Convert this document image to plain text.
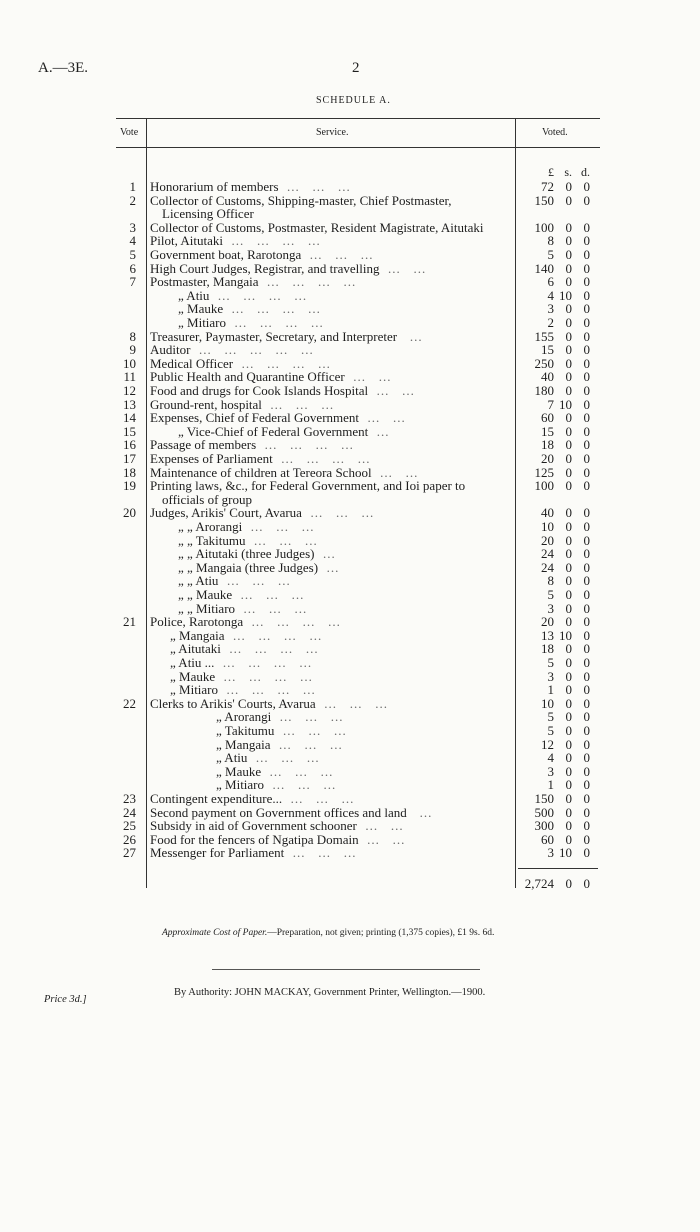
A.—3E.	2
SCHEDULE A.
Vote	Service.	Voted.
£ s. d.
1 Honorarium of members  ...   ...   ...	72 0 0
2 Collector of Customs, Shipping-master, Chief Postmaster,	150 0 0
Licensing Officer
3 Collector of Customs, Postmaster, Resident Magistrate, Aitutaki	100 0 0
4 Pilot, Aitutaki  ...   ...   ...   ...	8 0 0
5 Government boat, Rarotonga  ...   ...   ...	5 0 0
6 High Court Judges, Registrar, and travelling  ...   ...	140 0 0
7 Postmaster, Mangaia  ...   ...   ...   ...	6 0 0
„ Atiu  ...   ...   ...   ...	4 10 0
„ Mauke  ...   ...   ...   ...	3 0 0
„ Mitiaro  ...   ...   ...   ...	2 0 0
8 Treasurer, Paymaster, Secretary, and Interpreter   ...	155 0 0
9 Auditor  ...   ...   ...   ...   ...	15 0 0
10 Medical Officer  ...   ...   ...   ...	250 0 0
11 Public Health and Quarantine Officer  ...   ...	40 0 0
12 Food and drugs for Cook Islands Hospital  ...   ...	180 0 0
13 Ground-rent, hospital  ...   ...   ...	7 10 0
14 Expenses, Chief of Federal Government  ...   ...	60 0 0
15	„ Vice-Chief of Federal Government  ...	15 0 0
16 Passage of members  ...   ...   ...   ...	18 0 0
17 Expenses of Parliament  ...   ...   ...   ...	20 0 0
18 Maintenance of children at Tereora School  ...   ...	125 0 0
19 Printing laws, &c., for Federal Government, and Ioi paper to	100 0 0
officials of group
20 Judges, Arikis' Court, Avarua  ...   ...   ...	40 0 0
„ „ Arorangi  ...   ...   ...	10 0 0
„ „ Takitumu  ...   ...   ...	20 0 0
„ „ Aitutaki (three Judges)  ...	24 0 0
„ „ Mangaia (three Judges)  ...	24 0 0
„ „ Atiu  ...   ...   ...	8 0 0
„ „ Mauke  ...   ...   ...	5 0 0
„ „ Mitiaro  ...   ...   ...	3 0 0
21 Police, Rarotonga  ...   ...   ...   ...	20 0 0
„ Mangaia  ...   ...   ...   ...	13 10 0
„ Aitutaki  ...   ...   ...   ...	18 0 0
„ Atiu ...  ...   ...   ...   ...	5 0 0
„ Mauke  ...   ...   ...   ...	3 0 0
„ Mitiaro  ...   ...   ...   ...	1 0 0
22 Clerks to Arikis' Courts, Avarua  ...   ...   ...	10 0 0
„ Arorangi  ...   ...   ...	5 0 0
„ Takitumu  ...   ...   ...	5 0 0
„ Mangaia  ...   ...   ...	12 0 0
„ Atiu  ...   ...   ...	4 0 0
„ Mauke  ...   ...   ...	3 0 0
„ Mitiaro  ...   ...   ...	1 0 0
23 Contingent expenditure...  ...   ...   ...	150 0 0
24 Second payment on Government offices and land   ...	500 0 0
25 Subsidy in aid of Government schooner  ...   ...	300 0 0
26 Food for the fencers of Ngatipa Domain  ...   ...	60 0 0
27 Messenger for Parliament  ...   ...   ...	3 10 0
2,724 0 0
Approximate Cost of Paper.—Preparation, not given; printing (1,375 copies), £1 9s. 6d.
By Authority: JOHN MACKAY, Government Printer, Wellington.—1900.
Price 3d.]
